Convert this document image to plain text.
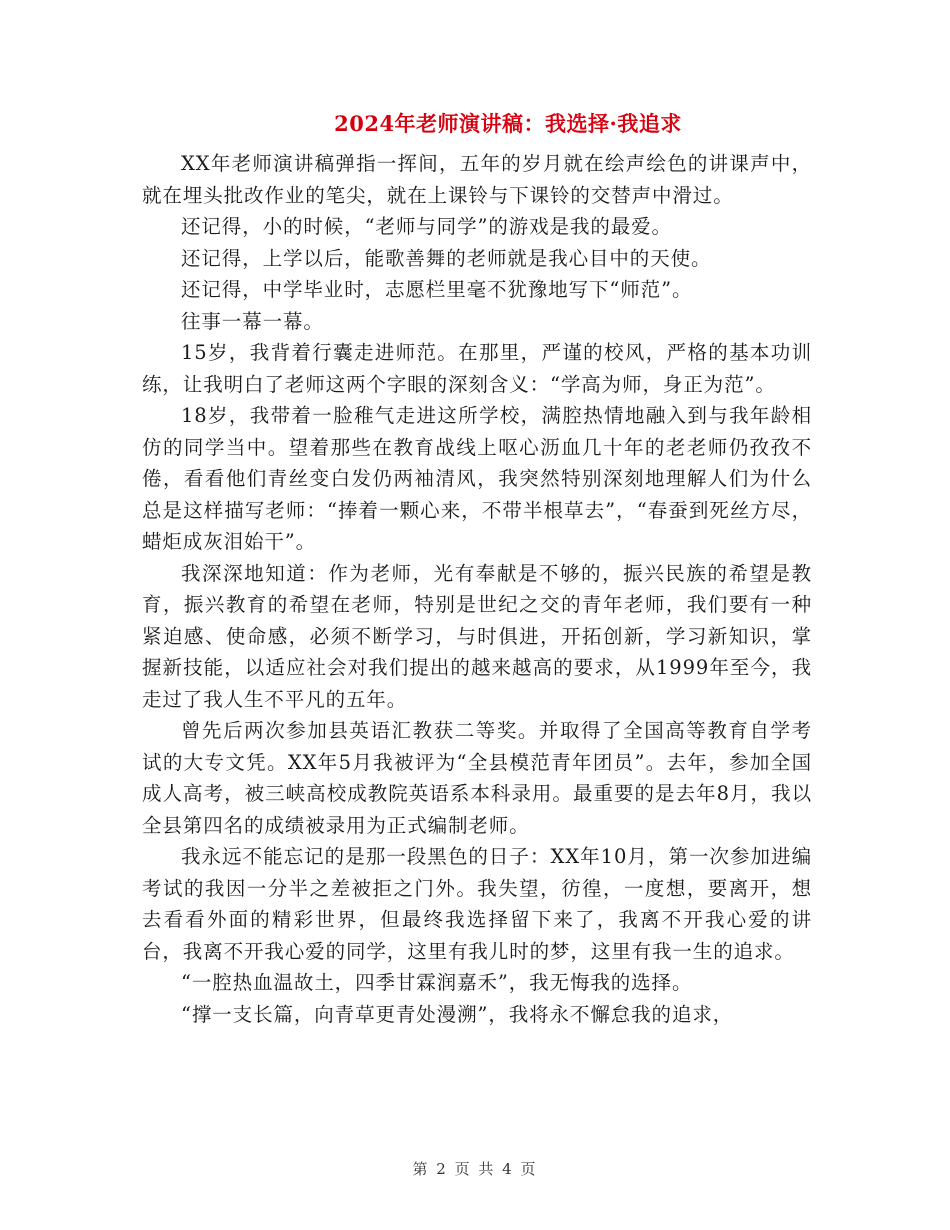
2024年老师演讲稿：我选择·我追求

XX年老师演讲稿弹指一挥间，五年的岁月就在绘声绘色的讲课声中，就在埋头批改作业的笔尖，就在上课铃与下课铃的交替声中滑过。

还记得，小的时候，“老师与同学”的游戏是我的最爱。

还记得，上学以后，能歌善舞的老师就是我心目中的天使。

还记得，中学毕业时，志愿栏里毫不犹豫地写下“师范”。

往事一幕一幕。

15岁，我背着行囊走进师范。在那里，严谨的校风，严格的基本功训练，让我明白了老师这两个字眼的深刻含义：“学高为师，身正为范”。

18岁，我带着一脸稚气走进这所学校，满腔热情地融入到与我年龄相仿的同学当中。望着那些在教育战线上呕心沥血几十年的老老师仍孜孜不倦，看看他们青丝变白发仍两袖清风，我突然特别深刻地理解人们为什么总是这样描写老师：“捧着一颗心来，不带半根草去”，“春蚕到死丝方尽，蜡炬成灰泪始干”。

我深深地知道：作为老师，光有奉献是不够的，振兴民族的希望是教育，振兴教育的希望在老师，特别是世纪之交的青年老师，我们要有一种紧迫感、使命感，必须不断学习，与时俱进，开拓创新，学习新知识，掌握新技能，以适应社会对我们提出的越来越高的要求，从1999年至今，我走过了我人生不平凡的五年。

曾先后两次参加县英语汇教获二等奖。并取得了全国高等教育自学考试的大专文凭。XX年5月我被评为“全县模范青年团员”。去年，参加全国成人高考，被三峡高校成教院英语系本科录用。最重要的是去年8月，我以全县第四名的成绩被录用为正式编制老师。

我永远不能忘记的是那一段黑色的日子：XX年10月，第一次参加进编考试的我因一分半之差被拒之门外。我失望，彷徨，一度想，要离开，想去看看外面的精彩世界，但最终我选择留下来了，我离不开我心爱的讲台，我离不开我心爱的同学，这里有我儿时的梦，这里有我一生的追求。

“一腔热血温故土，四季甘霖润嘉禾”，我无悔我的选择。

“撑一支长篇，向青草更青处漫溯”，我将永不懈怠我的追求，

第 2 页 共 4 页
